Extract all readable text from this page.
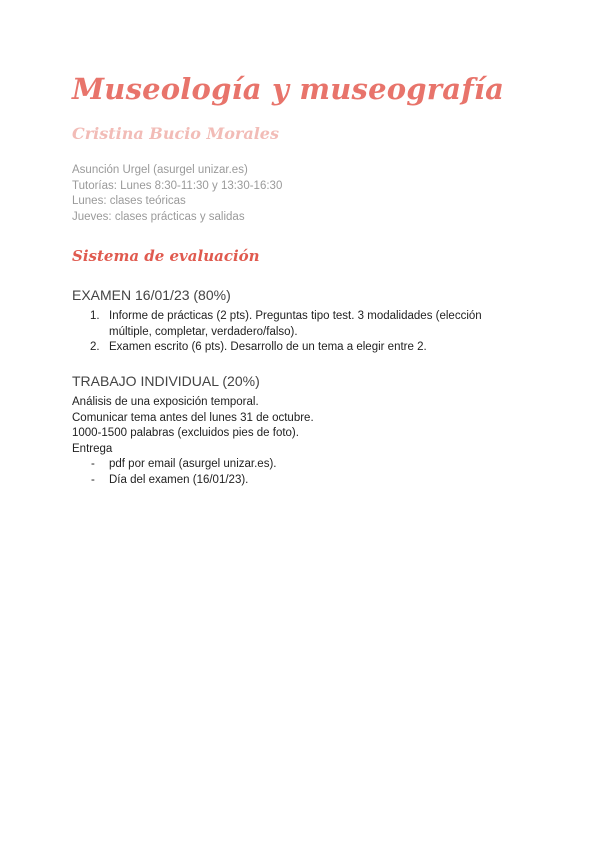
Museología y museografía
Cristina Bucio Morales
Asunción Urgel (asurgel unizar.es)
Tutorías: Lunes 8:30-11:30 y 13:30-16:30
Lunes: clases teóricas
Jueves: clases prácticas y salidas
Sistema de evaluación
EXAMEN 16/01/23 (80%)
1. Informe de prácticas (2 pts). Preguntas tipo test. 3 modalidades (elección
múltiple, completar, verdadero/falso).
2. Examen escrito (6 pts). Desarrollo de un tema a elegir entre 2.
TRABAJO INDIVIDUAL (20%)
Análisis de una exposición temporal.
Comunicar tema antes del lunes 31 de octubre.
1000-1500 palabras (excluidos pies de foto).
Entrega
- pdf por email (asurgel unizar.es).
- Día del examen (16/01/23).
